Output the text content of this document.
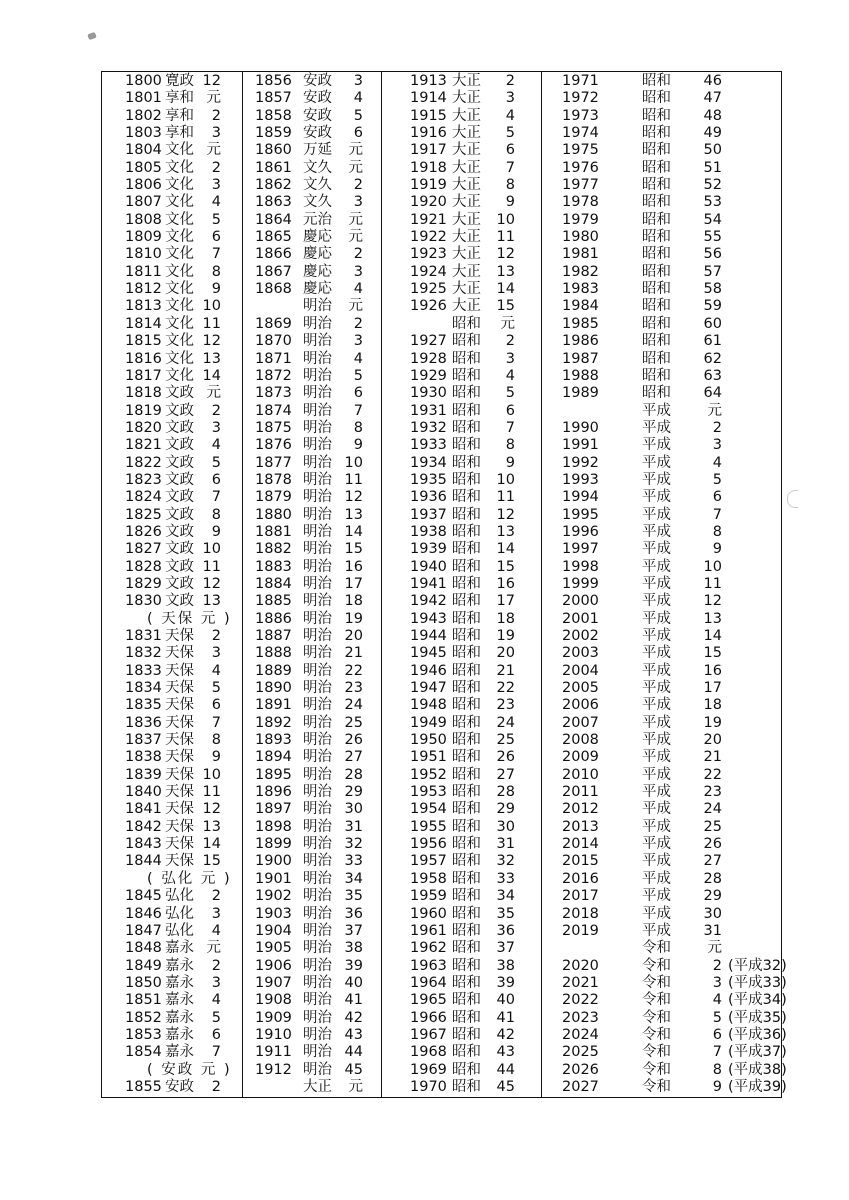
1800 寛政 12
1801 享和 元
1802 享和 2
1803 享和 3
1804 文化 元
1805 文化 2
1806 文化 3
1807 文化 4
1808 文化 5
1809 文化 6
1810 文化 7
1811 文化 8
1812 文化 9
1813 文化 10
1814 文化 11
1815 文化 12
1816 文化 13
1817 文化 14
1818 文政 元
1819 文政 2
1820 文政 3
1821 文政 4
1822 文政 5
1823 文政 6
1824 文政 7
1825 文政 8
1826 文政 9
1827 文政 10
1828 文政 11
1829 文政 12
1830 文政 13
( 天保 元 )
1831 天保 2
1832 天保 3
1833 天保 4
1834 天保 5
1835 天保 6
1836 天保 7
1837 天保 8
1838 天保 9
1839 天保 10
1840 天保 11
1841 天保 12
1842 天保 13
1843 天保 14
1844 天保 15
( 弘化 元 )
1845 弘化 2
1846 弘化 3
1847 弘化 4
1848 嘉永 元
1849 嘉永 2
1850 嘉永 3
1851 嘉永 4
1852 嘉永 5
1853 嘉永 6
1854 嘉永 7
( 安政 元 )
1855 安政 2
1856 安政 3
1857 安政 4
1858 安政 5
1859 安政 6
1860 万延 元
1861 文久 元
1862 文久 2
1863 文久 3
1864 元治 元
1865 慶応 元
1866 慶応 2
1867 慶応 3
1868 慶応 4
明治 元
1869 明治 2
1870 明治 3
1871 明治 4
1872 明治 5
1873 明治 6
1874 明治 7
1875 明治 8
1876 明治 9
1877 明治 10
1878 明治 11
1879 明治 12
1880 明治 13
1881 明治 14
1882 明治 15
1883 明治 16
1884 明治 17
1885 明治 18
1886 明治 19
1887 明治 20
1888 明治 21
1889 明治 22
1890 明治 23
1891 明治 24
1892 明治 25
1893 明治 26
1894 明治 27
1895 明治 28
1896 明治 29
1897 明治 30
1898 明治 31
1899 明治 32
1900 明治 33
1901 明治 34
1902 明治 35
1903 明治 36
1904 明治 37
1905 明治 38
1906 明治 39
1907 明治 40
1908 明治 41
1909 明治 42
1910 明治 43
1911 明治 44
1912 明治 45
大正 元
1913 大正 2
1914 大正 3
1915 大正 4
1916 大正 5
1917 大正 6
1918 大正 7
1919 大正 8
1920 大正 9
1921 大正 10
1922 大正 11
1923 大正 12
1924 大正 13
1925 大正 14
1926 大正 15
昭和 元
1927 昭和 2
1928 昭和 3
1929 昭和 4
1930 昭和 5
1931 昭和 6
1932 昭和 7
1933 昭和 8
1934 昭和 9
1935 昭和 10
1936 昭和 11
1937 昭和 12
1938 昭和 13
1939 昭和 14
1940 昭和 15
1941 昭和 16
1942 昭和 17
1943 昭和 18
1944 昭和 19
1945 昭和 20
1946 昭和 21
1947 昭和 22
1948 昭和 23
1949 昭和 24
1950 昭和 25
1951 昭和 26
1952 昭和 27
1953 昭和 28
1954 昭和 29
1955 昭和 30
1956 昭和 31
1957 昭和 32
1958 昭和 33
1959 昭和 34
1960 昭和 35
1961 昭和 36
1962 昭和 37
1963 昭和 38
1964 昭和 39
1965 昭和 40
1966 昭和 41
1967 昭和 42
1968 昭和 43
1969 昭和 44
1970 昭和 45
1971	昭和 46
1972	昭和 47
1973	昭和 48
1974	昭和 49
1975	昭和 50
1976	昭和 51
1977	昭和 52
1978	昭和 53
1979	昭和 54
1980	昭和 55
1981	昭和 56
1982	昭和 57
1983	昭和 58
1984	昭和 59
1985	昭和 60
1986	昭和 61
1987	昭和 62
1988	昭和 63
1989	昭和 64
平成	元
1990	平成	2
1991	平成	3
1992	平成	4
1993	平成	5
1994	平成	6
1995	平成	7
1996	平成	8
1997	平成	9
1998	平成 10
1999	平成 11
2000	平成 12
2001	平成 13
2002	平成 14
2003	平成 15
2004	平成 16
2005	平成 17
2006	平成 18
2007	平成 19
2008	平成 20
2009	平成 21
2010	平成 22
2011	平成 23
2012	平成 24
2013	平成 25
2014	平成 26
2015	平成 27
2016	平成 28
2017	平成 29
2018	平成 30
2019	平成 31
令和	元
2020	令和	2 (平成32)
2021	令和	3 (平成33)
2022	令和	4 (平成34)
2023	令和	5 (平成35)
2024	令和	6 (平成36)
2025	令和	7 (平成37)
2026	令和	8 (平成38)
2027	令和	9 (平成39)
